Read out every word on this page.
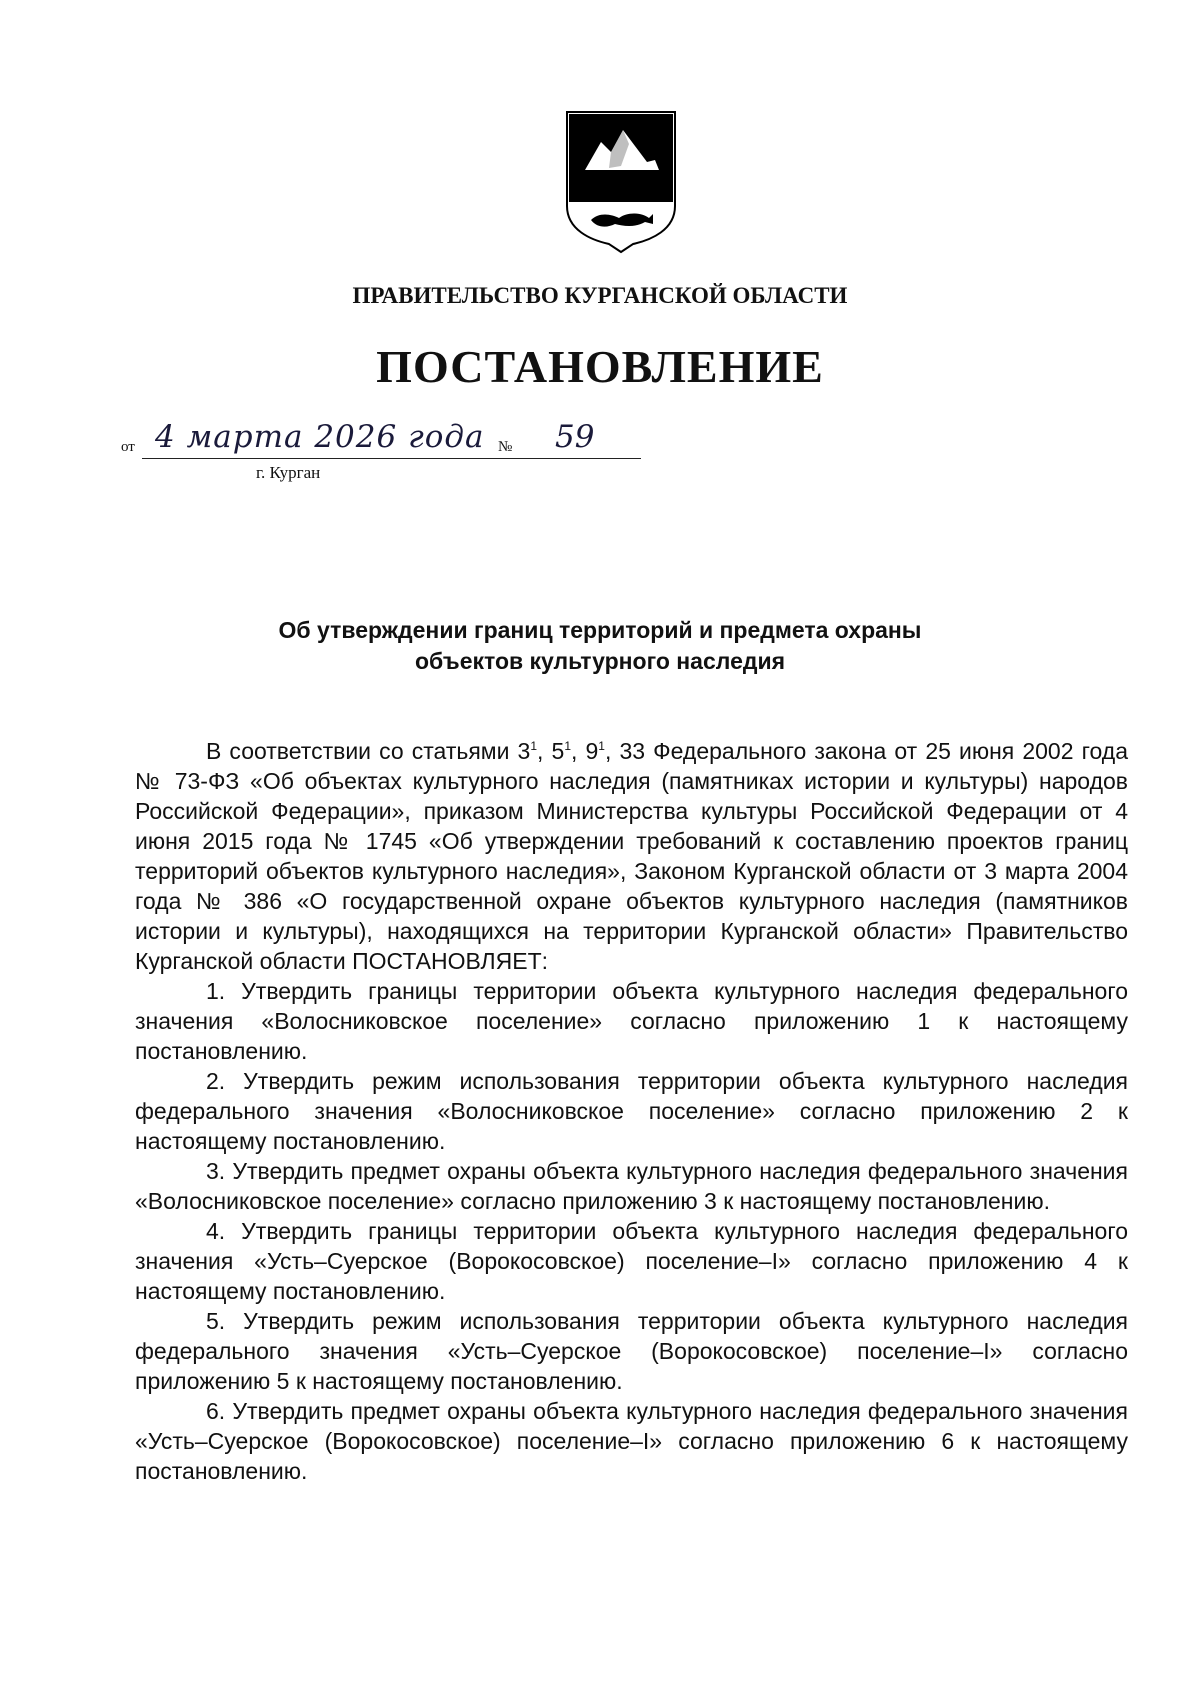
ПРАВИТЕЛЬСТВО КУРГАНСКОЙ ОБЛАСТИ
ПОСТАНОВЛЕНИЕ
от 4 марта 2026 года № 59
г. Курган
Об утверждении границ территорий и предмета охраны
объектов культурного наследия

В соответствии со статьями $3^1$, $5^1$, $9^1$, 33 Федерального закона от 25 июня 2002 года № 73-ФЗ «Об объектах культурного наследия (памятниках истории и культуры) народов Российской Федерации», приказом Министерства культуры Российской Федерации от 4 июня 2015 года № 1745 «Об утверждении требований к составлению проектов границ территорий объектов культурного наследия», Законом Курганской области от 3 марта 2004 года № 386 «О государственной охране объектов культурного наследия (памятников истории и культуры), находящихся на территории Курганской области» Правительство Курганской области ПОСТАНОВЛЯЕТ:

1. Утвердить границы территории объекта культурного наследия федерального значения «Волосниковское поселение» согласно приложению 1 к настоящему постановлению.

2. Утвердить режим использования территории объекта культурного наследия федерального значения «Волосниковское поселение» согласно приложению 2 к настоящему постановлению.

3. Утвердить предмет охраны объекта культурного наследия федерального значения «Волосниковское поселение» согласно приложению 3 к настоящему постановлению.

4. Утвердить границы территории объекта культурного наследия федерального значения «Усть–Суерское (Ворокосовское) поселение–I» согласно приложению 4 к настоящему постановлению.

5. Утвердить режим использования территории объекта культурного наследия федерального значения «Усть–Суерское (Ворокосовское) поселение–I» согласно приложению 5 к настоящему постановлению.

6. Утвердить предмет охраны объекта культурного наследия федерального значения «Усть–Суерское (Ворокосовское) поселение–I» согласно приложению 6 к настоящему постановлению.
